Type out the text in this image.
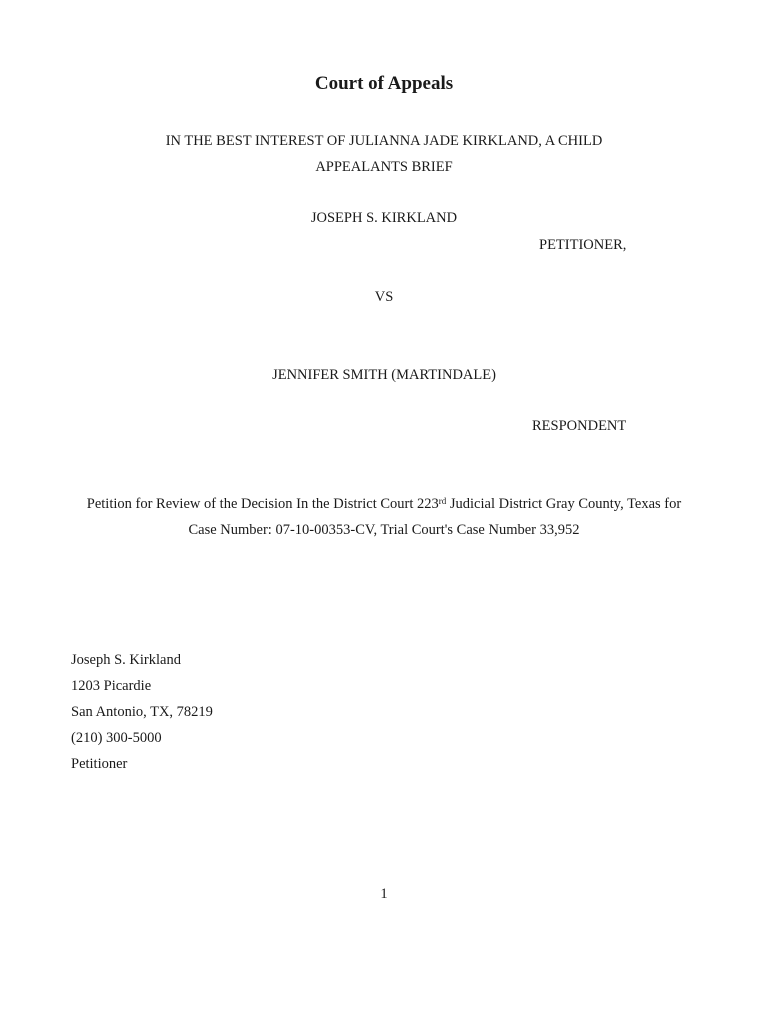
Court of Appeals
IN THE BEST INTEREST OF JULIANNA JADE KIRKLAND, A CHILD
APPEALANTS BRIEF
JOSEPH S. KIRKLAND
PETITIONER,
VS
JENNIFER SMITH (MARTINDALE)
RESPONDENT
Petition for Review of the Decision In the District Court 223rd Judicial District Gray County, Texas for
Case Number: 07-10-00353-CV, Trial Court's Case Number 33,952
Joseph S. Kirkland
1203 Picardie
San Antonio, TX, 78219
(210) 300-5000
Petitioner
1
